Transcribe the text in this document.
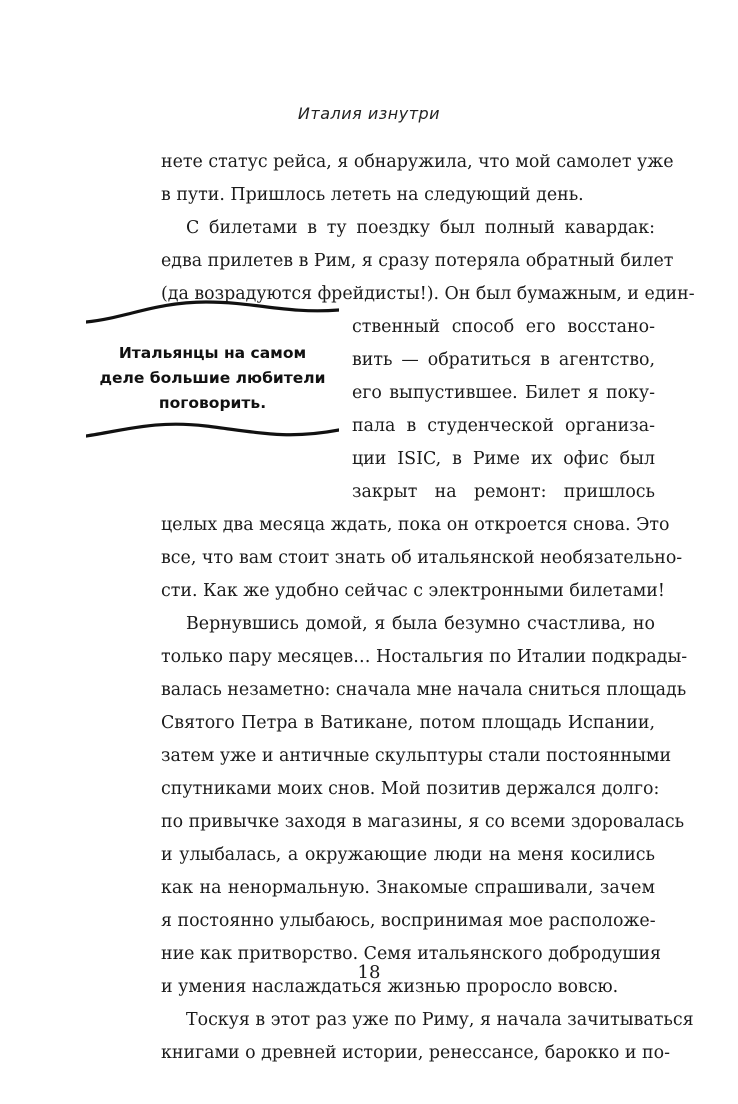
Италия изнутри
нете статус рейса, я обнаружила, что мой самолет уже
в пути. Пришлось лететь на следующий день.
С билетами в ту поездку был полный кавардак:
едва прилетев в Рим, я сразу потеряла обратный билет
(да возрадуются фрейдисты!). Он был бумажным, и един-
ственный способ его восстано-
вить — обратиться в агентство,
его выпустившее. Билет я поку-
пала в студенческой организа-
ции ISIC, в Риме их офис был
закрыт на ремонт: пришлось
целых два месяца ждать, пока он откроется снова. Это
все, что вам стоит знать об итальянской необязательно-
сти. Как же удобно сейчас с электронными билетами!
Вернувшись домой, я была безумно счастлива, но
только пару месяцев… Ностальгия по Италии подкрады-
валась незаметно: сначала мне начала сниться площадь
Святого Петра в Ватикане, потом площадь Испании,
затем уже и античные скульптуры стали постоянными
спутниками моих снов. Мой позитив держался долго:
по привычке заходя в магазины, я со всеми здоровалась
и улыбалась, а окружающие люди на меня косились
как на ненормальную. Знакомые спрашивали, зачем
я постоянно улыбаюсь, воспринимая мое расположе-
ние как притворство. Семя итальянского добродушия
и умения наслаждаться жизнью проросло вовсю.
Тоскуя в этот раз уже по Риму, я начала зачитываться
книгами о древней истории, ренессансе, барокко и по-
Итальянцы на самом
деле большие любители
поговорить.
18
